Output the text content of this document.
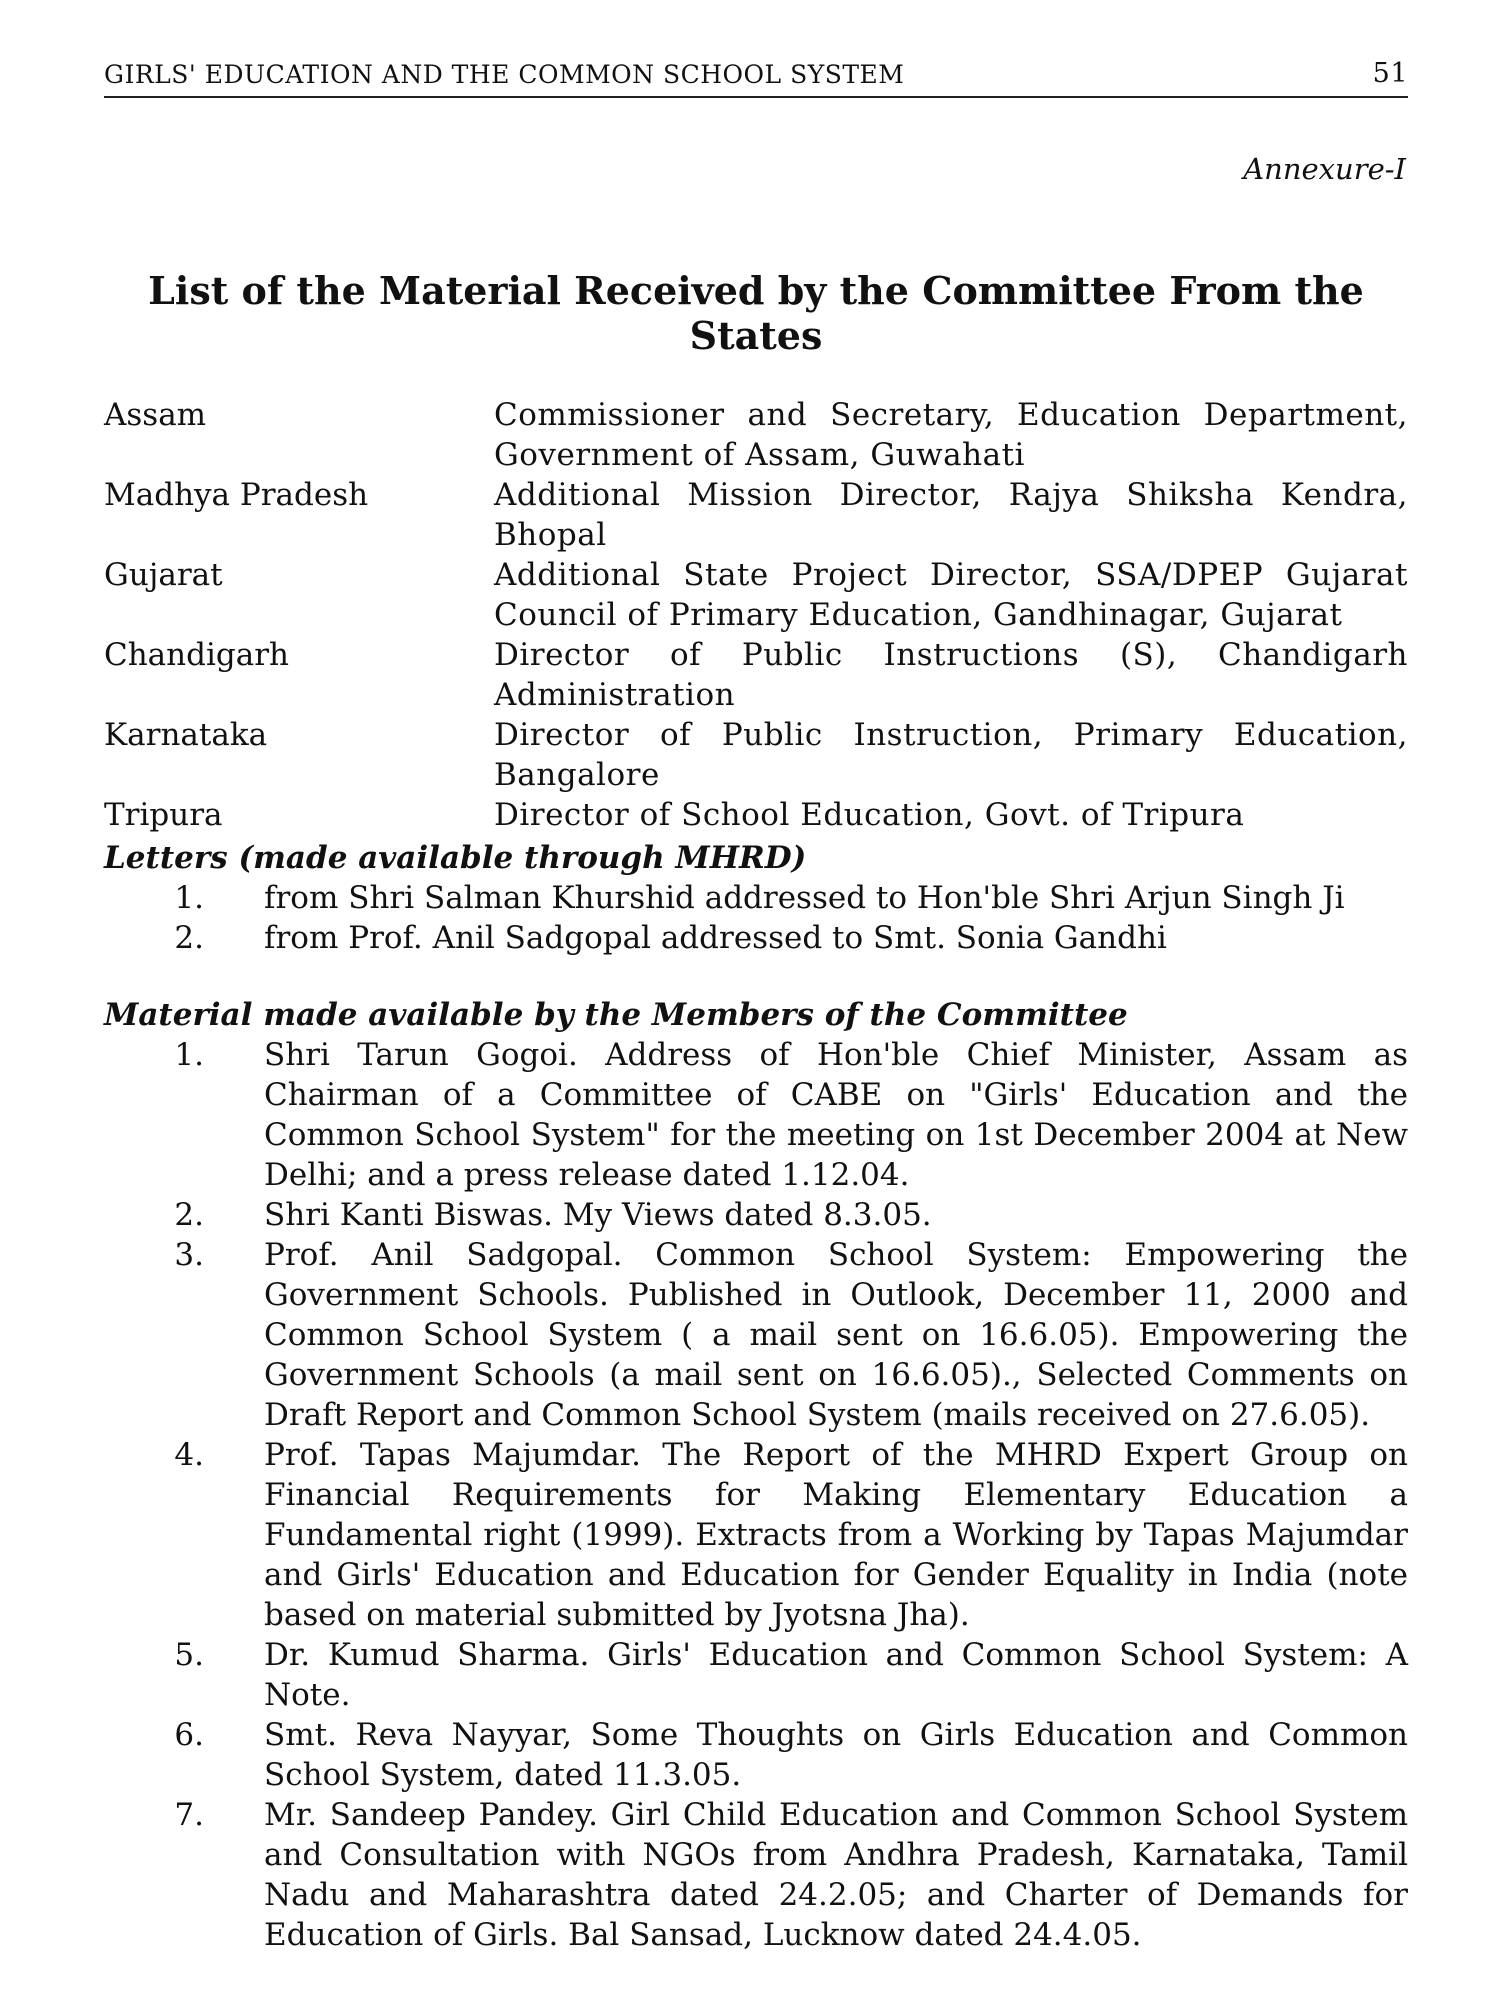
GIRLS' EDUCATION AND THE COMMON SCHOOL SYSTEM	51
Annexure-I
List of the Material Received by the Committee From the States
Assam	Commissioner and Secretary, Education Department, Government of Assam, Guwahati
Madhya Pradesh	Additional Mission Director, Rajya Shiksha Kendra, Bhopal
Gujarat	Additional State Project Director, SSA/DPEP Gujarat Council of Primary Education, Gandhinagar, Gujarat
Chandigarh	Director of Public Instructions (S), Chandigarh Administration
Karnataka	Director of Public Instruction, Primary Education, Bangalore
Tripura	Director of School Education, Govt. of Tripura
Letters (made available through MHRD)
1.	from Shri Salman Khurshid addressed to Hon'ble Shri Arjun Singh Ji
2.	from Prof. Anil Sadgopal addressed to Smt. Sonia Gandhi
Material made available by the Members of the Committee
1.	Shri Tarun Gogoi. Address of Hon'ble Chief Minister, Assam as Chairman of a Committee of CABE on "Girls' Education and the Common School System" for the meeting on 1st December 2004 at New Delhi; and a press release dated 1.12.04.
2.	Shri Kanti Biswas. My Views dated 8.3.05.
3.	Prof. Anil Sadgopal. Common School System: Empowering the Government Schools. Published in Outlook, December 11, 2000 and Common School System ( a mail sent on 16.6.05). Empowering the Government Schools (a mail sent on 16.6.05)., Selected Comments on Draft Report and Common School System (mails received on 27.6.05).
4.	Prof. Tapas Majumdar. The Report of the MHRD Expert Group on Financial Requirements for Making Elementary Education a Fundamental right (1999). Extracts from a Working by Tapas Majumdar and Girls' Education and Education for Gender Equality in India (note based on material submitted by Jyotsna Jha).
5.	Dr. Kumud Sharma. Girls' Education and Common School System: A Note.
6.	Smt. Reva Nayyar, Some Thoughts on Girls Education and Common School System, dated 11.3.05.
7.	Mr. Sandeep Pandey. Girl Child Education and Common School System and Consultation with NGOs from Andhra Pradesh, Karnataka, Tamil Nadu and Maharashtra dated 24.2.05; and Charter of Demands for Education of Girls. Bal Sansad, Lucknow dated 24.4.05.
